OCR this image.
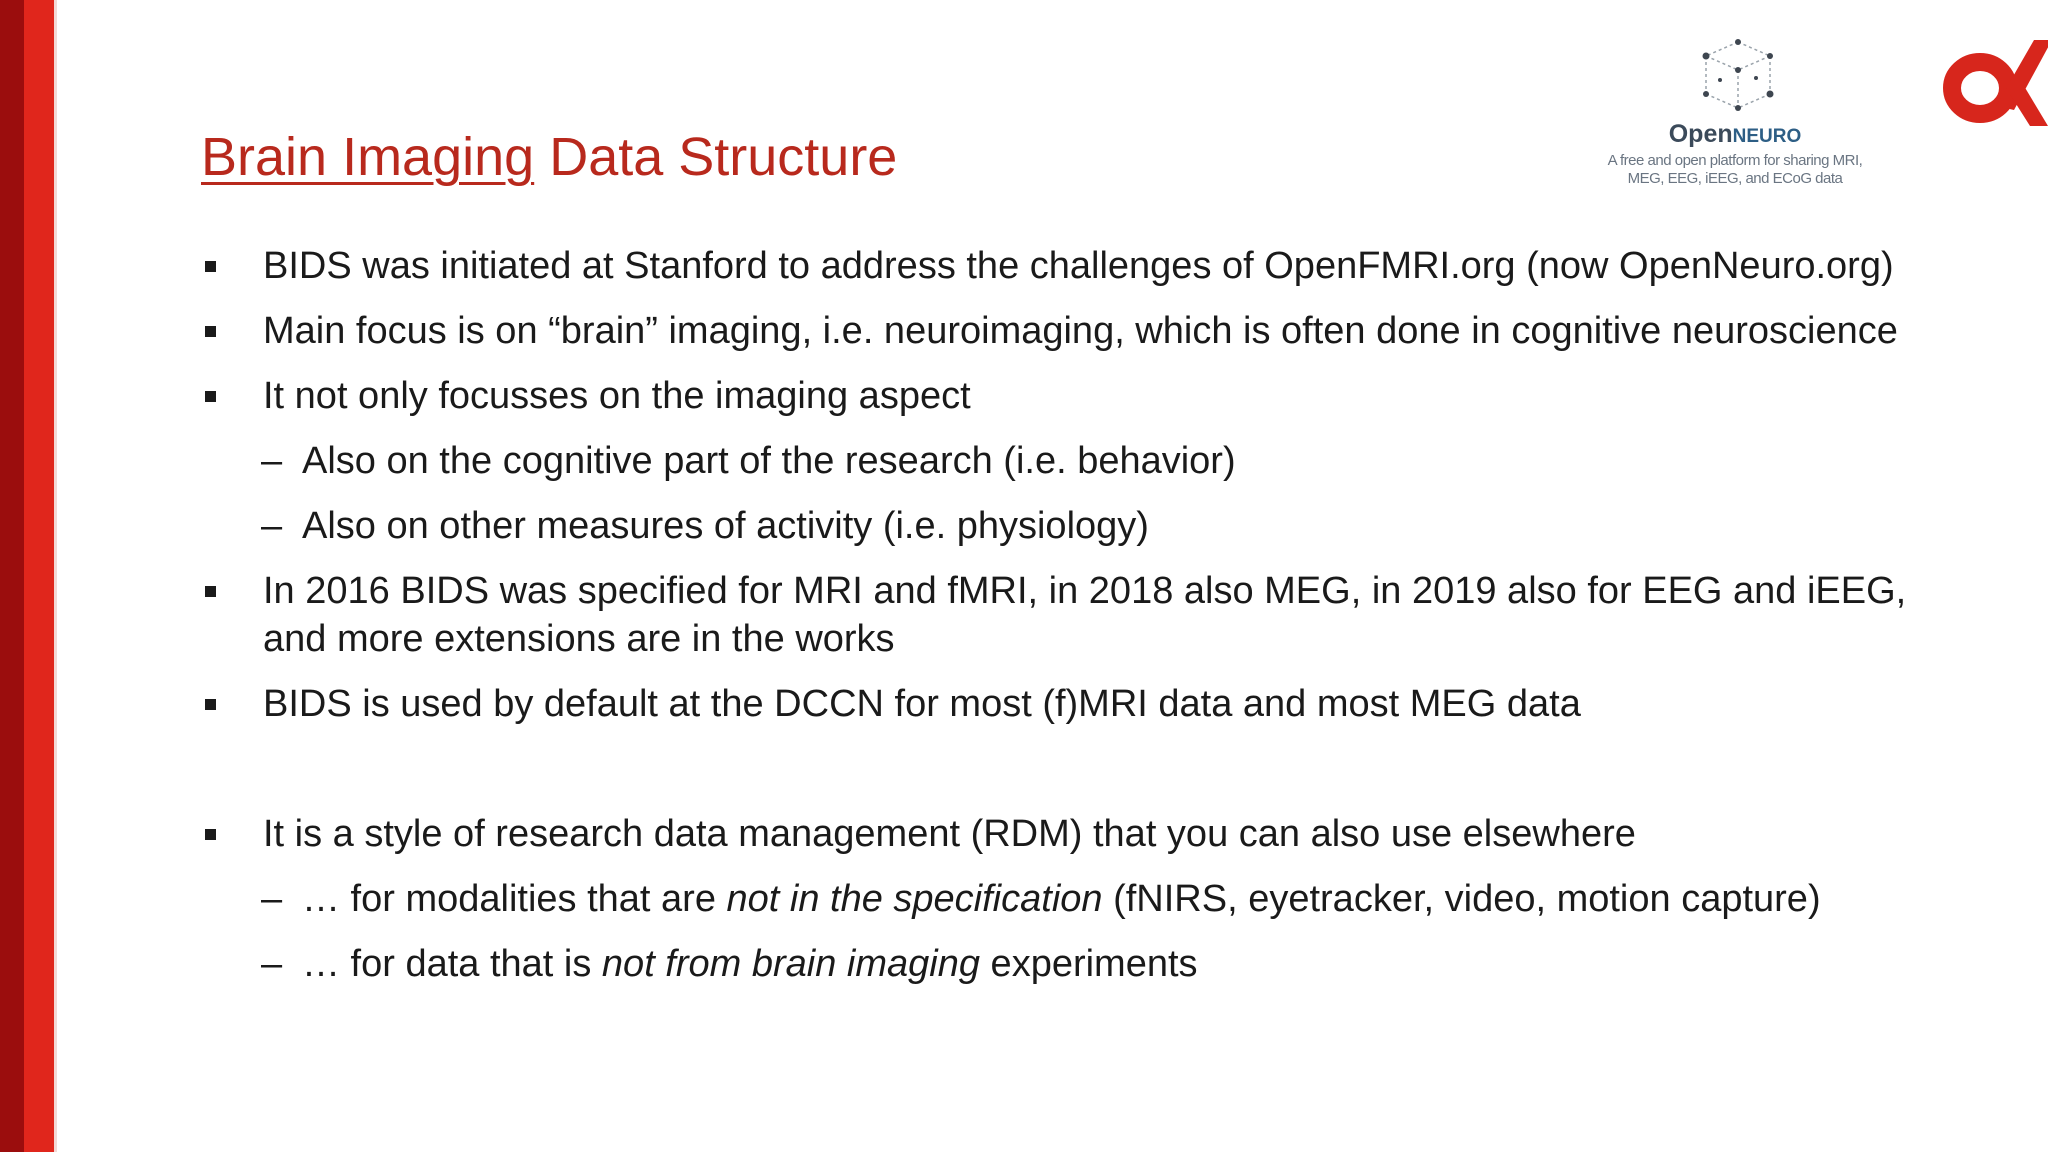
Brain Imaging Data Structure	OpenNEURO
A free and open platform for sharing MRI,
MEG, EEG, iEEG, and ECoG data
BIDS was initiated at Stanford to address the challenges of OpenFMRI.org (now OpenNeuro.org)
Main focus is on “brain” imaging, i.e. neuroimaging, which is often done in cognitive neuroscience
It not only focusses on the imaging aspect
– Also on the cognitive part of the research (i.e. behavior)
– Also on other measures of activity (i.e. physiology)
In 2016 BIDS was specified for MRI and fMRI, in 2018 also MEG, in 2019 also for EEG and iEEG,
and more extensions are in the works
BIDS is used by default at the DCCN for most (f)MRI data and most MEG data
It is a style of research data management (RDM) that you can also use elsewhere
– … for modalities that are not in the specification (fNIRS, eyetracker, video, motion capture)
– … for data that is not from brain imaging experiments
